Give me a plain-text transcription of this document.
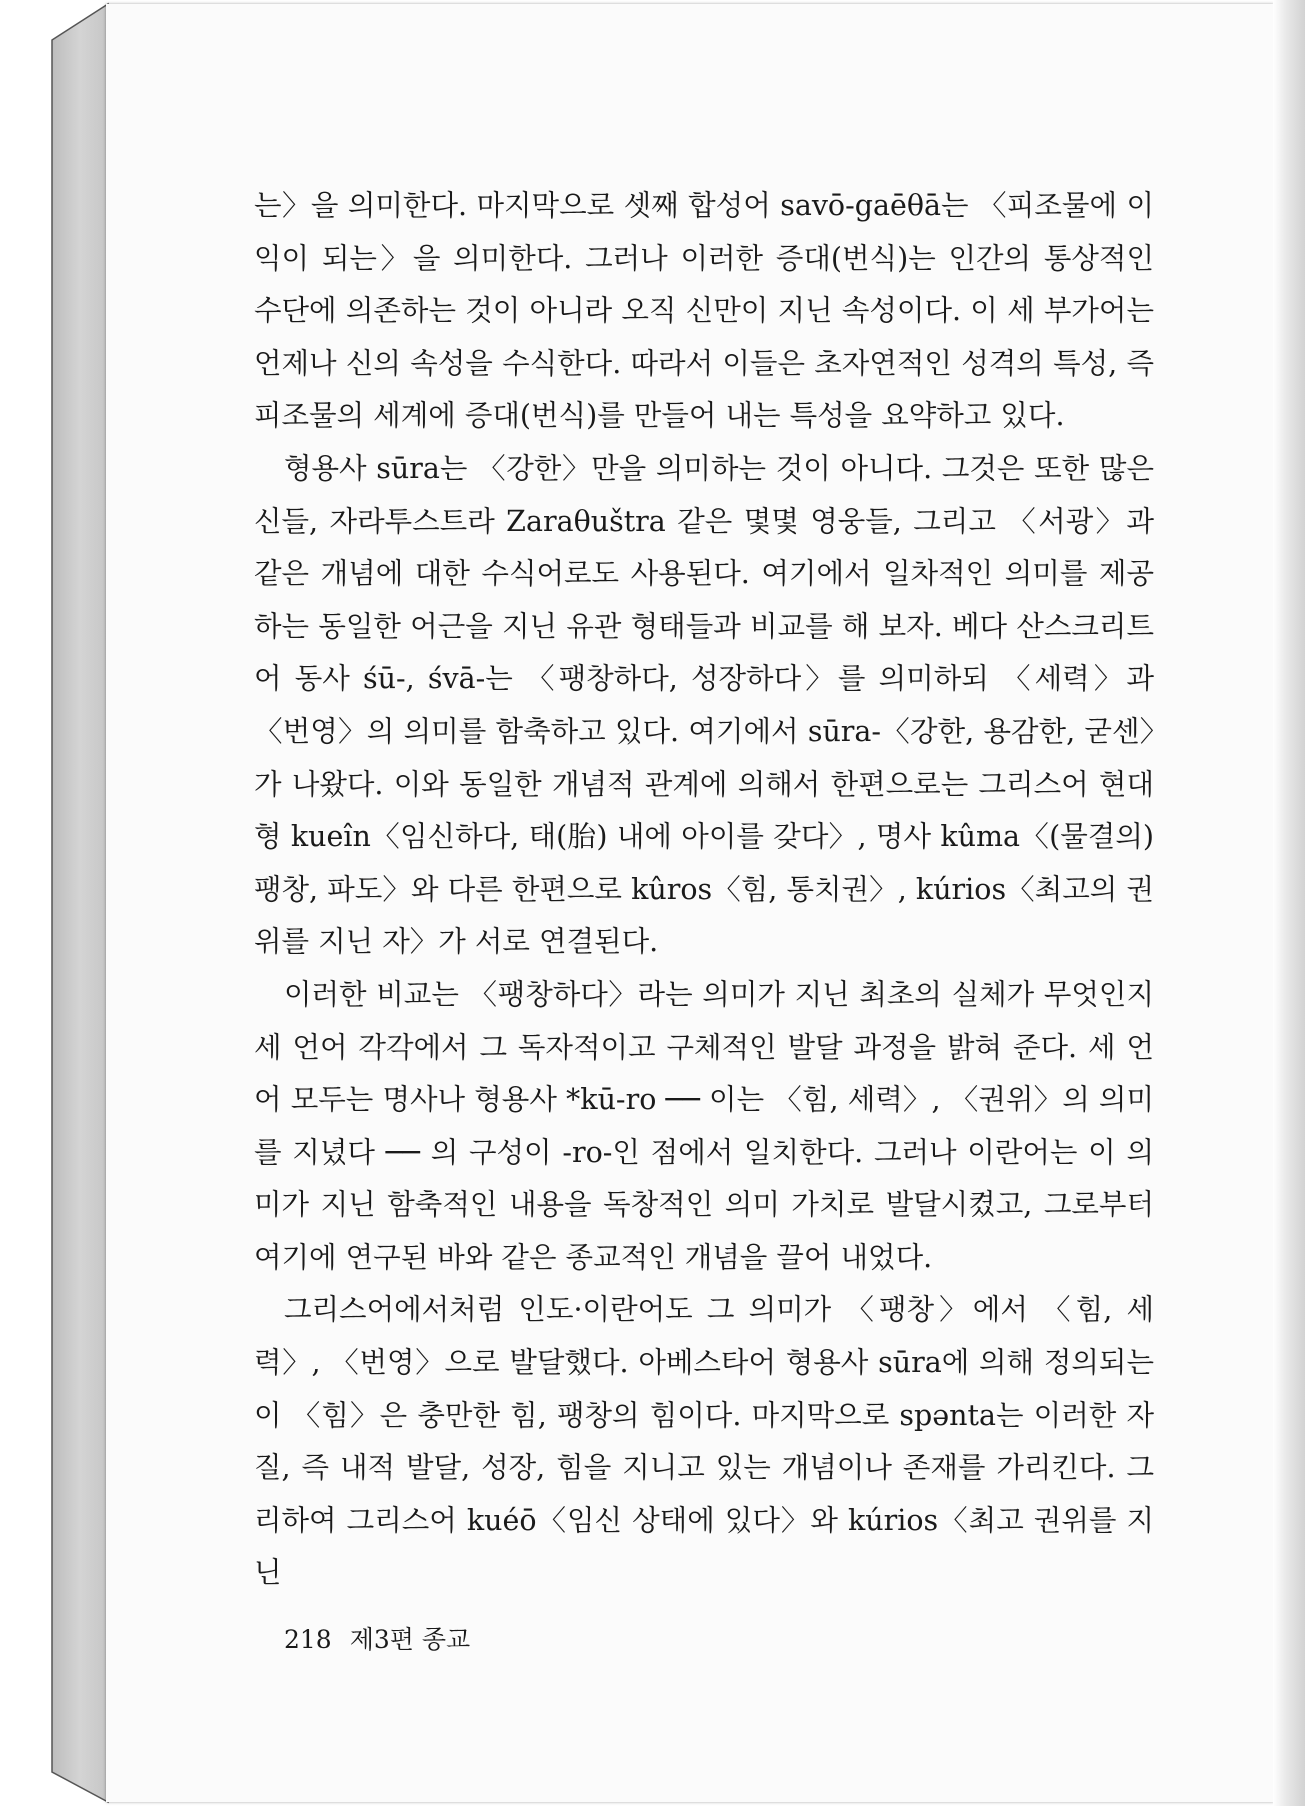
는〉을 의미한다. 마지막으로 셋째 합성어 savō-gaēθā는 〈피조물에 이익이 되는〉을 의미한다. 그러나 이러한 증대(번식)는 인간의 통상적인 수단에 의존하는 것이 아니라 오직 신만이 지닌 속성이다. 이 세 부가어는 언제나 신의 속성을 수식한다. 따라서 이들은 초자연적인 성격의 특성, 즉 피조물의 세계에 증대(번식)를 만들어 내는 특성을 요약하고 있다.

형용사 sūra는 〈강한〉만을 의미하는 것이 아니다. 그것은 또한 많은 신들, 자라투스트라 Zaraθuštra 같은 몇몇 영웅들, 그리고 〈서광〉과 같은 개념에 대한 수식어로도 사용된다. 여기에서 일차적인 의미를 제공하는 동일한 어근을 지닌 유관 형태들과 비교를 해 보자. 베다 산스크리트어 동사 śū-, śvā-는 〈팽창하다, 성장하다〉를 의미하되 〈세력〉과 〈번영〉의 의미를 함축하고 있다. 여기에서 sūra-〈강한, 용감한, 굳센〉가 나왔다. 이와 동일한 개념적 관계에 의해서 한편으로는 그리스어 현대형 kueîn〈임신하다, 태(胎) 내에 아이를 갖다〉, 명사 kûma〈(물결의) 팽창, 파도〉와 다른 한편으로 kûros〈힘, 통치권〉, kúrios〈최고의 권위를 지닌 자〉가 서로 연결된다.

이러한 비교는 〈팽창하다〉라는 의미가 지닌 최초의 실체가 무엇인지 세 언어 각각에서 그 독자적이고 구체적인 발달 과정을 밝혀 준다. 세 언어 모두는 명사나 형용사 *kū-ro ── 이는 〈힘, 세력〉, 〈권위〉의 의미를 지녔다 ── 의 구성이 -ro-인 점에서 일치한다. 그러나 이란어는 이 의미가 지닌 함축적인 내용을 독창적인 의미 가치로 발달시켰고, 그로부터 여기에 연구된 바와 같은 종교적인 개념을 끌어 내었다.

그리스어에서처럼 인도·이란어도 그 의미가 〈팽창〉에서 〈힘, 세력〉, 〈번영〉으로 발달했다. 아베스타어 형용사 sūra에 의해 정의되는 이 〈힘〉은 충만한 힘, 팽창의 힘이다. 마지막으로 spənta는 이러한 자질, 즉 내적 발달, 성장, 힘을 지니고 있는 개념이나 존재를 가리킨다. 그리하여 그리스어 kuéō〈임신 상태에 있다〉와 kúrios〈최고 권위를 지닌

218 제3편 종교
